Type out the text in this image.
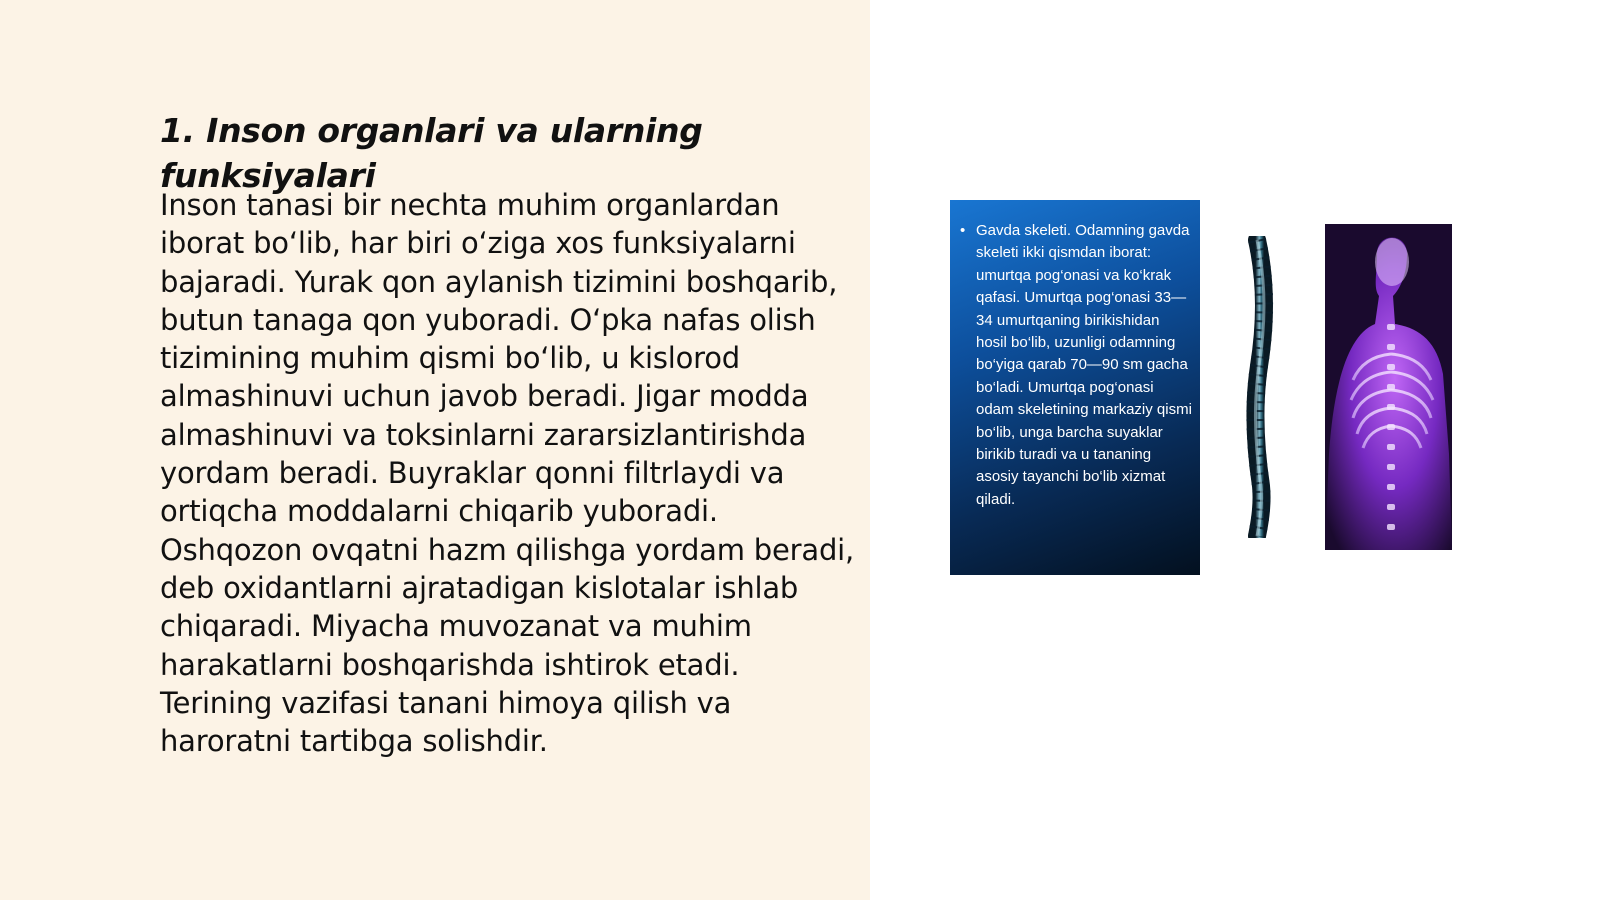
1. Inson organlari va ularning funksiyalari

Inson tanasi bir nechta muhim organlardan iborat bo‘lib, har biri o‘ziga xos funksiyalarni bajaradi. Yurak qon aylanish tizimini boshqarib, butun tanaga qon yuboradi. O‘pka nafas olish tizimining muhim qismi bo‘lib, u kislorod almashinuvi uchun javob beradi. Jigar modda almashinuvi va toksinlarni zararsizlantirishda yordam beradi. Buyraklar qonni filtrlaydi va ortiqcha moddalarni chiqarib yuboradi. Oshqozon ovqatni hazm qilishga yordam beradi, deb oxidantlarni ajratadigan kislotalar ishlab chiqaradi. Miyacha muvozanat va muhim harakatlarni boshqarishda ishtirok etadi. Terining vazifasi tanani himoya qilish va haroratni tartibga solishdir.

• Gavda skeleti. Odamning gavda skeleti ikki qismdan iborat: umurtqa pog‘onasi va ko‘krak qafasi. Umurtqa pog‘onasi 33—34 umurtqaning birikishidan hosil bo‘lib, uzunligi odamning bo‘yiga qarab 70—90 sm gacha bo‘ladi. Umurtqa pog‘onasi odam skeletining markaziy qismi bo‘lib, unga barcha suyaklar birikib turadi va u tananing asosiy tayanchi bo‘lib xizmat qiladi.
